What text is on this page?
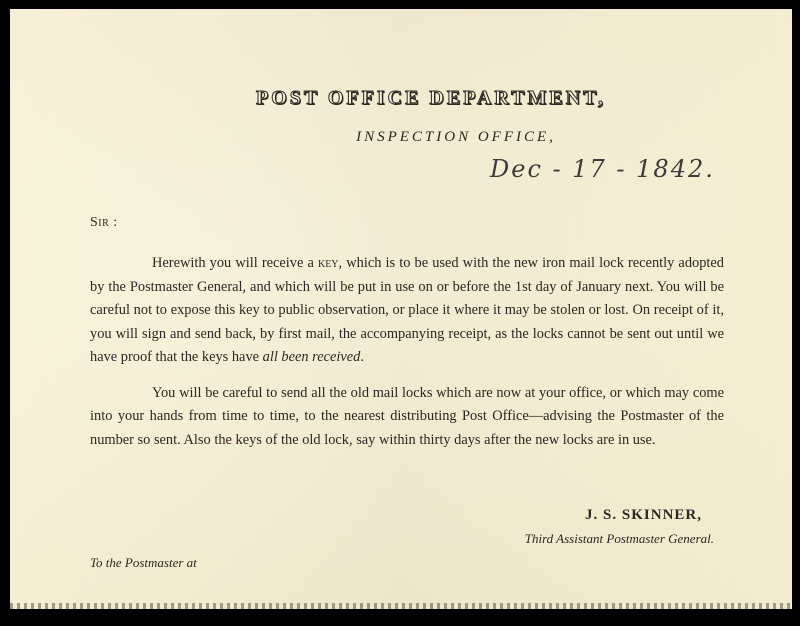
POST OFFICE DEPARTMENT,
INSPECTION OFFICE,
Dec - 17 - 1842.
Sir :

Herewith you will receive a key, which is to be used with the new iron mail lock recently adopted by the Postmaster General, and which will be put in use on or before the 1st day of January next. You will be careful not to expose this key to public observation, or place it where it may be stolen or lost. On receipt of it, you will sign and send back, by first mail, the accompanying receipt, as the locks cannot be sent out until we have proof that the keys have all been received.

You will be careful to send all the old mail locks which are now at your office, or which may come into your hands from time to time, to the nearest distributing Post Office—advising the Postmaster of the number so sent. Also the keys of the old lock, say within thirty days after the new locks are in use.

J. S. SKINNER,
Third Assistant Postmaster General.
To the Postmaster at
